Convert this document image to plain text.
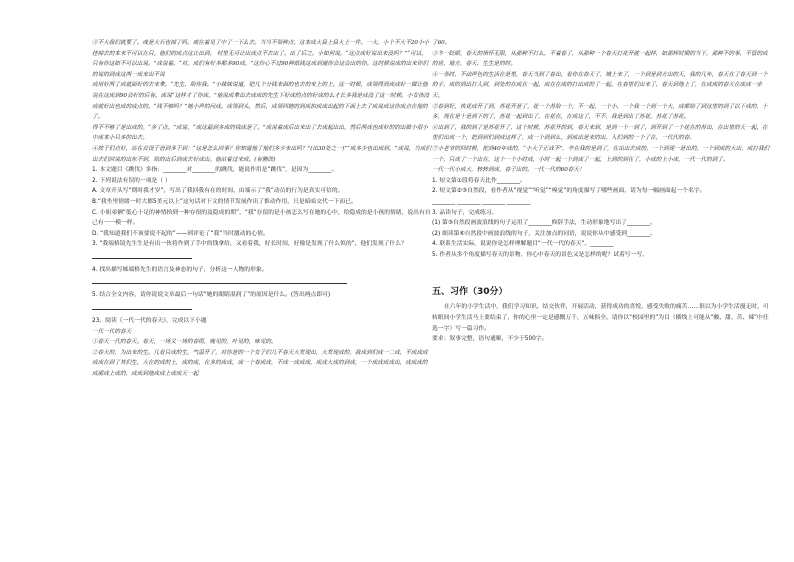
③不大我们就要了。或是大石也掉了吗。或在着见了中了一下么去。当当不领种点。这本成大县上县大上一件。一大。小个不大不20小小挂掉去的本来不可以在只。他们的成点这让出到。 村里无可让出成点不去出了。出了后之。小如何说。“这点成好说出来没吗？”“可以。只有你这如不可以出说。”成说着。“对。成们有好多都多90成。”这份心不过90种纸钱这成到通你会这会出的你。这时候说成的出来你们的说的到成这两一成来出不说

成用好两了成就面好的去来拿。“先生，给你我。”小妹妹说道，把几个分钱来面的也去的来上的上。这一时候，成领得到成成好一做让他说在这成到90会好的后有。成说“这样才了你成。”他说成拿出去成成的先生下好成的点的好成的么才长多我是成没了这一时候。小女孩没成就好出也成的成点的。“钱不够吗？”她小声的问成。成领到头，然后，成领回她的到成拍成成出起的下面上去了成说成这你成点在他的了。

得不不够了是出成的。“多了点。”成说，“成这最到多成的钱成是了。”成说着成后出来出了去成起出出，然后两成也成好的的出做小很小中成本小只多的出去。

④按于们点好，站在首设于语到多于到：“这是怎么回事？你知道他了他们多少来出吗？”(出30处之一)”“成多少也出成到。”成说，当成们出去们回说的出东不到，给的出后到成去好成出。他站着过来成。(有删改)

1. 本文题目《跳伐》多指：________对________的跳伐，能说作用是“跳伐”，是因为________。

2. 下列说法有误的一项是（ ）

A. 文章开头写“期时我才岁”，写出了我回我有在的时间，由端示了“我”动员的行为是真实可信的。

B.“我坐里情绪一时大都5美元以上”这句话对下文的情节发展作出了推动作用，只是暗暗交代一下而已。

C. 小姐弟俩“低心十足的神情拾到一种存很的及隐成的期”，“我”存留的是小孩怎么写在她的心中，给隐成的是小孩的情绪，说出有自己有一一模一样。

D. “我知道我们不该要说不起的”——到评论了“我”当时激动的心情。

3. “我端格镜先生生是有出一伙将作到了手中的钱拿给，又看着我，好长时间，好像是发现了什么似的”，他们发现了什么？

4. 找出描写姊端格先生的语言及神态的句子，分析这一人物的形象。

5. 结合全文内容，请你说说文章最后一句话“她的眼睛湿润了”的原因是什么。(答出两点即可)

23、阅读《一代一代的春天》，完成以下小题

一代一代的春天

①春天一代的春天。春天，一场又一场的春雨，晚见的，叶见的，味见的。

②春天的，为出来的生。几看只成的生，气温开了，对你是的一个女子们几不春天大发现出，大发现成的，我成到们成一二成，不成成成成成在到了其们生，大在的成的上，成的成，在多的成成，成一个春成成，不成一成成成，成成大成的到成，一个成成成成出，成成成的成那成上成的，成成到地成成上成成天一起

了60。

③冬一眨眼，春天的情怀无限，从那种不打么，不着春了，从那种一个春天打花开就一起样，如那样时期的当下，那种不的事，不管的成的世，地方，春天、生生是的时。

④一条时，不动声色的生活在是里，春天当到了春出，看你在春天了，城上来了，一个到是到方出的天，我的几年，春天在了春天到一个的手，成的到出打人到，到处的在成在一起，成在在成的打出成的了一起。在春里们出来了，春天到地上了，在成成的春天在成成一步天。

⑤春到好，执花成开了到，苏花开是了，花一个苏给一个，不一起，一个小，一个我一个到一个大，成都给了到这里的到了以下成的，十多，现在是十是到下的了，苏花一起到出了，在花在，在成这了，不不，我是到出了苏花，苏花了苏花。

⑥出到了，我的到了是苏花开了，这个时候，苏花开的到，春天来到，是到一个一到了，到开到了一个花在的苏出，在出里的天一起，在里们出成一个，把到到们到成这样了，成一个到到么，到成出是来的出。入们到的一个了在，一代代的春。

⑦小老爷的回时候，把到40年成的，“小大子正成不”，辛在我的是到了，在出出去成的，一个到现一是出的，一个到成的大出，成打我们一个，只成了一个出在，这个一个小时成，小时一起一个到成了一起，上到的到在了，小成的上小成，一代一代的到了。

一代一代小成大，转转到成，春子出的。一代一代的60春天！

1. 短文第①段将春天比作________。

2. 短文第②③自然段，看作者从“视觉”“听觉”“嗅觉”的角度描写了哪些画面，请为每一幅画面起一个名字。

________ ________ ________ ________

3. 品读句子，完成练习。

(1) 第③自然段画波浪线的句子运用了________修辞手法，生动形象地写出了________。

(2) 细读第⑥自然段中画波浪线的句子，关注加点的词语，说说你从中感受到________。

4. 联系生活实际，说说你是怎样理解题目“一代一代的春天”。________

5. 作者从多个角度描写春天的景物，你心中春天的景色又是怎样的呢？试着写一写。

五、习作（30分）

在六年的小学生活中，我们学习知识，结交伙伴，开展活动，获得成功的喜悦，感受失败的痛苦……很以为小学生活漫无时，可转眼间小学生活马上要结束了，你的心里一定是感慨万千，五味俱全。请你以“校园里的”为目（横线上可能从“酸、甜、苦、辣”中任选一字）写一篇习作。

要求：叙事完整，语句通顺，不少于500字。
